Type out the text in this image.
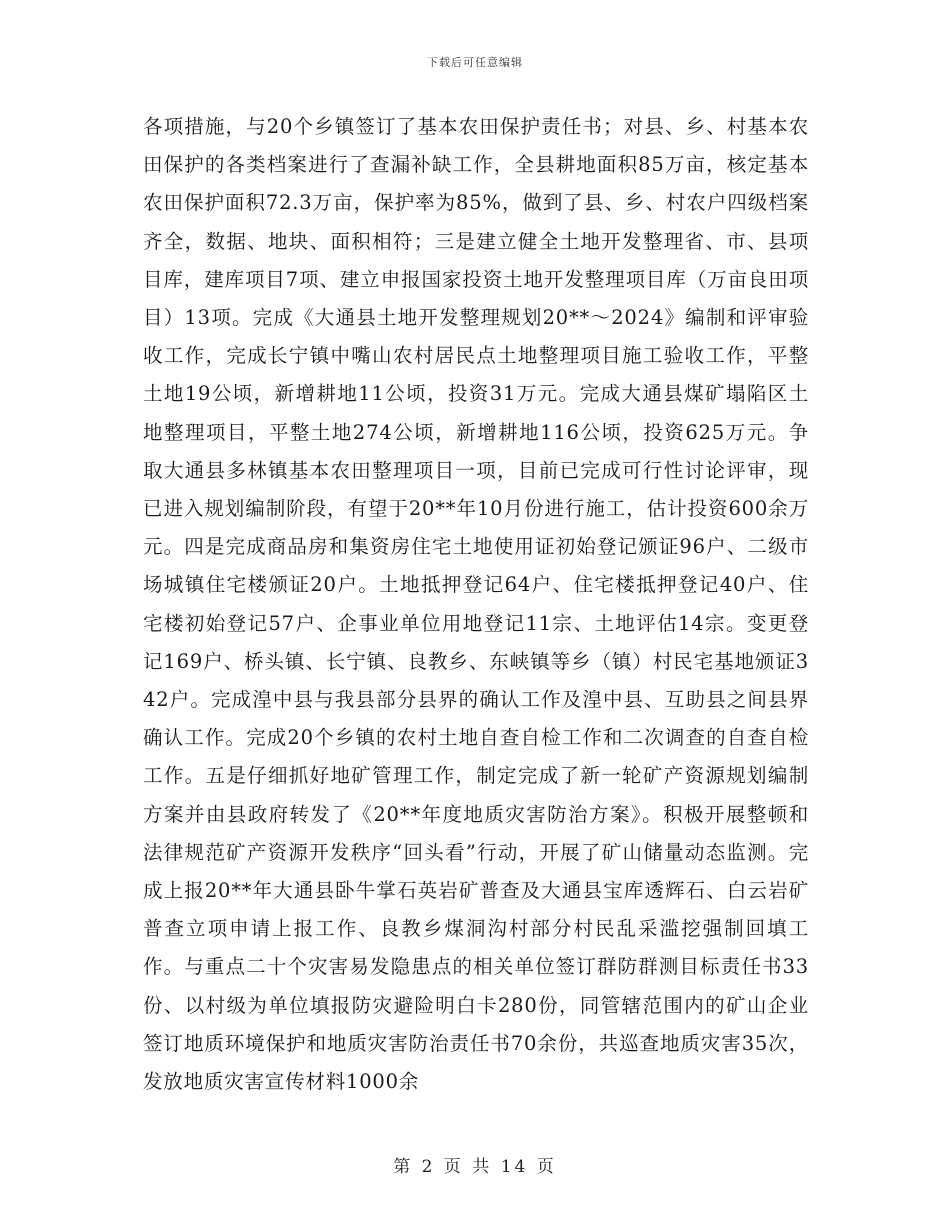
下载后可任意编辑

各项措施，与20个乡镇签订了基本农田保护责任书；对县、乡、村基本农田保护的各类档案进行了查漏补缺工作，全县耕地面积85万亩，核定基本农田保护面积72.3万亩，保护率为85%，做到了县、乡、村农户四级档案齐全，数据、地块、面积相符；三是建立健全土地开发整理省、市、县项目库，建库项目7项、建立申报国家投资土地开发整理项目库（万亩良田项目）13项。完成《大通县土地开发整理规划20**～2024》编制和评审验收工作，完成长宁镇中嘴山农村居民点土地整理项目施工验收工作，平整土地19公顷，新增耕地11公顷，投资31万元。完成大通县煤矿塌陷区土地整理项目，平整土地274公顷，新增耕地116公顷，投资625万元。争取大通县多林镇基本农田整理项目一项，目前已完成可行性讨论评审，现已进入规划编制阶段，有望于20**年10月份进行施工，估计投资600余万元。四是完成商品房和集资房住宅土地使用证初始登记颁证96户、二级市场城镇住宅楼颁证20户。土地抵押登记64户、住宅楼抵押登记40户、住宅楼初始登记57户、企事业单位用地登记11宗、土地评估14宗。变更登记169户、桥头镇、长宁镇、良教乡、东峡镇等乡（镇）村民宅基地颁证342户。完成湟中县与我县部分县界的确认工作及湟中县、互助县之间县界确认工作。完成20个乡镇的农村土地自查自检工作和二次调查的自查自检工作。五是仔细抓好地矿管理工作，制定完成了新一轮矿产资源规划编制方案并由县政府转发了《20**年度地质灾害防治方案》。积极开展整顿和法律规范矿产资源开发秩序“回头看”行动，开展了矿山储量动态监测。完成上报20**年大通县卧牛掌石英岩矿普查及大通县宝库透辉石、白云岩矿普查立项申请上报工作、良教乡煤洞沟村部分村民乱采滥挖强制回填工作。与重点二十个灾害易发隐患点的相关单位签订群防群测目标责任书33份、以村级为单位填报防灾避险明白卡280份，同管辖范围内的矿山企业签订地质环境保护和地质灾害防治责任书70余份，共巡查地质灾害35次，发放地质灾害宣传材料1000余

第 2 页 共 14 页
